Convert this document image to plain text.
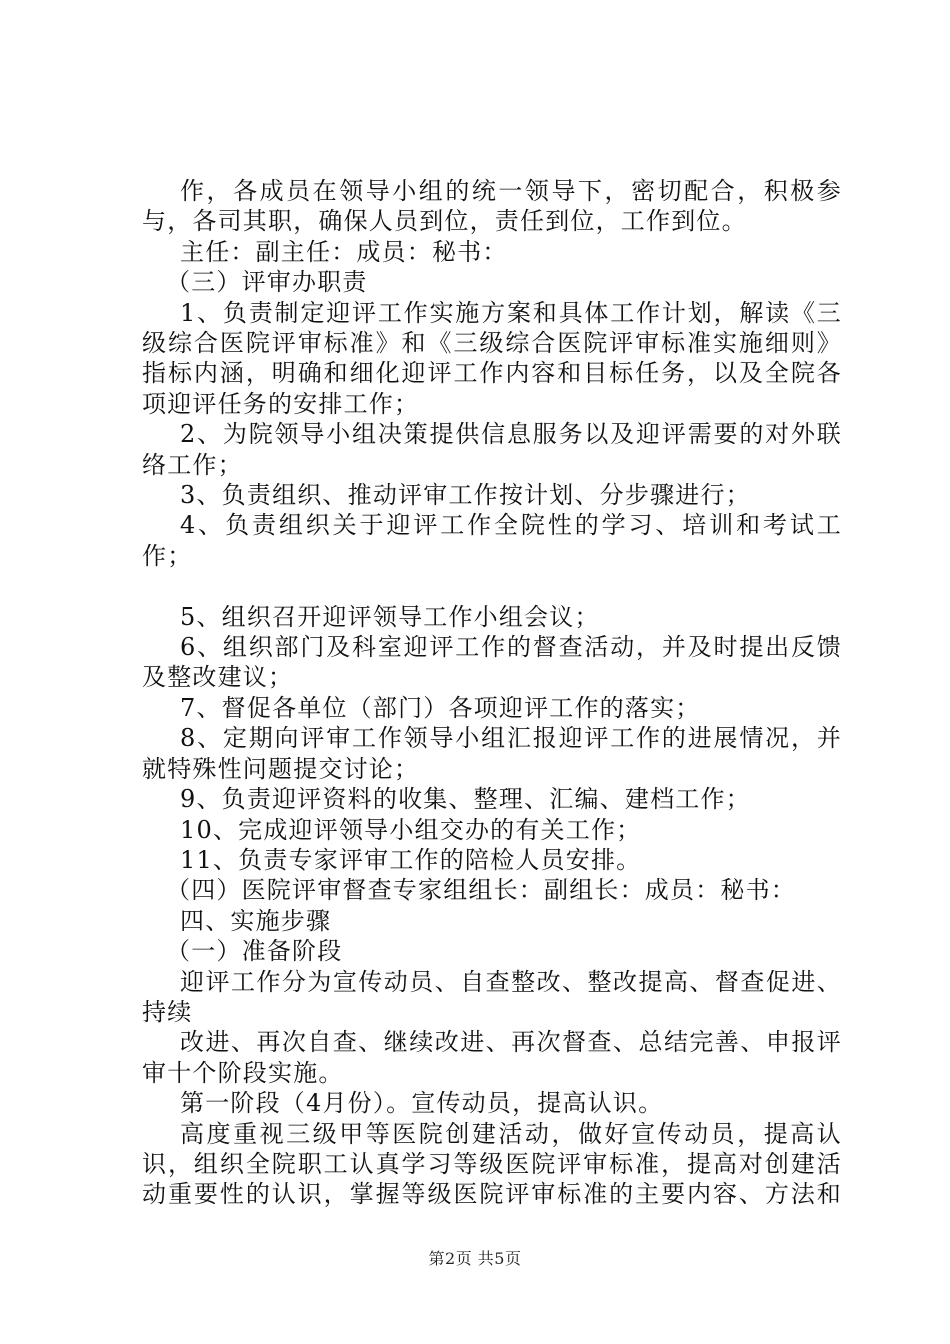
作，各成员在领导小组的统一领导下，密切配合，积极参与，各司其职，确保人员到位，责任到位，工作到位。

主任：副主任：成员：秘书：

（三）评审办职责

1、负责制定迎评工作实施方案和具体工作计划，解读《三级综合医院评审标准》和《三级综合医院评审标准实施细则》指标内涵，明确和细化迎评工作内容和目标任务，以及全院各项迎评任务的安排工作；

2、为院领导小组决策提供信息服务以及迎评需要的对外联络工作；

3、负责组织、推动评审工作按计划、分步骤进行；

4、负责组织关于迎评工作全院性的学习、培训和考试工作；

5、组织召开迎评领导工作小组会议；

6、组织部门及科室迎评工作的督查活动，并及时提出反馈及整改建议；

7、督促各单位（部门）各项迎评工作的落实；

8、定期向评审工作领导小组汇报迎评工作的进展情况，并就特殊性问题提交讨论；

9、负责迎评资料的收集、整理、汇编、建档工作；

10、完成迎评领导小组交办的有关工作；

11、负责专家评审工作的陪检人员安排。

（四）医院评审督查专家组组长：副组长：成员：秘书：

四、实施步骤

（一）准备阶段

迎评工作分为宣传动员、自查整改、整改提高、督查促进、持续

改进、再次自查、继续改进、再次督查、总结完善、申报评审十个阶段实施。

第一阶段（4月份）。宣传动员，提高认识。

高度重视三级甲等医院创建活动，做好宣传动员，提高认识，组织全院职工认真学习等级医院评审标准，提高对创建活动重要性的认识，掌握等级医院评审标准的主要内容、方法和

第2页 共5页
